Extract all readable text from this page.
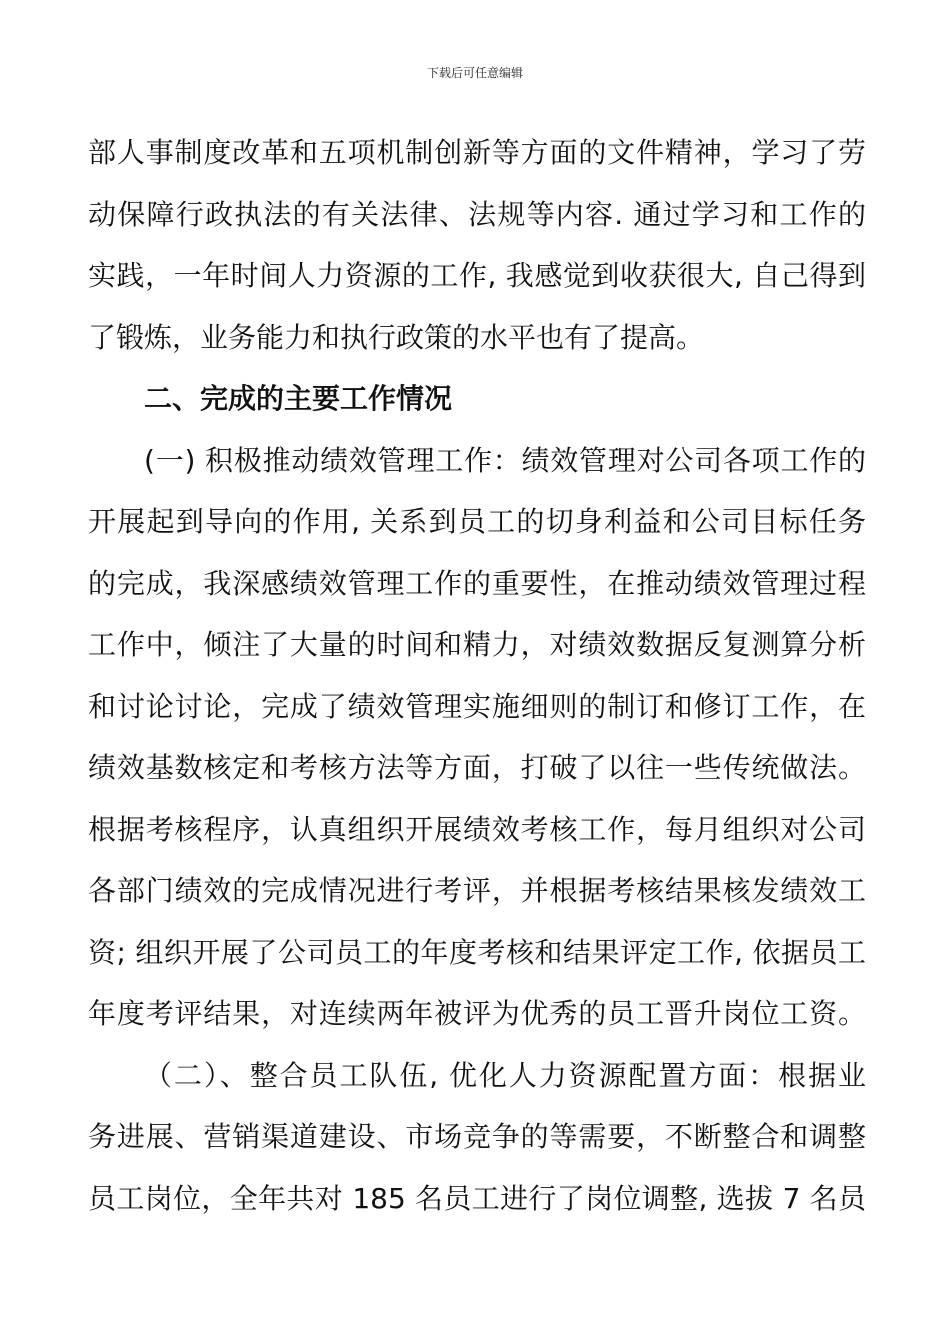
下载后可任意编辑
部人事制度改革和五项机制创新等方面的文件精神，学习了劳
动保障行政执法的有关法律、法规等内容. 通过学习和工作的
实践，一年时间人力资源的工作, 我感觉到收获很大, 自己得到
了锻炼，业务能力和执行政策的水平也有了提高。
二、完成的主要工作情况
(一) 积极推动绩效管理工作：绩效管理对公司各项工作的
开展起到导向的作用, 关系到员工的切身利益和公司目标任务
的完成，我深感绩效管理工作的重要性，在推动绩效管理过程
工作中，倾注了大量的时间和精力，对绩效数据反复测算分析
和讨论讨论，完成了绩效管理实施细则的制订和修订工作，在
绩效基数核定和考核方法等方面，打破了以往一些传统做法。
根据考核程序，认真组织开展绩效考核工作，每月组织对公司
各部门绩效的完成情况进行考评，并根据考核结果核发绩效工
资; 组织开展了公司员工的年度考核和结果评定工作, 依据员工
年度考评结果，对连续两年被评为优秀的员工晋升岗位工资。
（二）、整合员工队伍, 优化人力资源配置方面：根据业
务进展、营销渠道建设、市场竞争的等需要，不断整合和调整
员工岗位，全年共对 185 名员工进行了岗位调整, 选拔 7 名员
